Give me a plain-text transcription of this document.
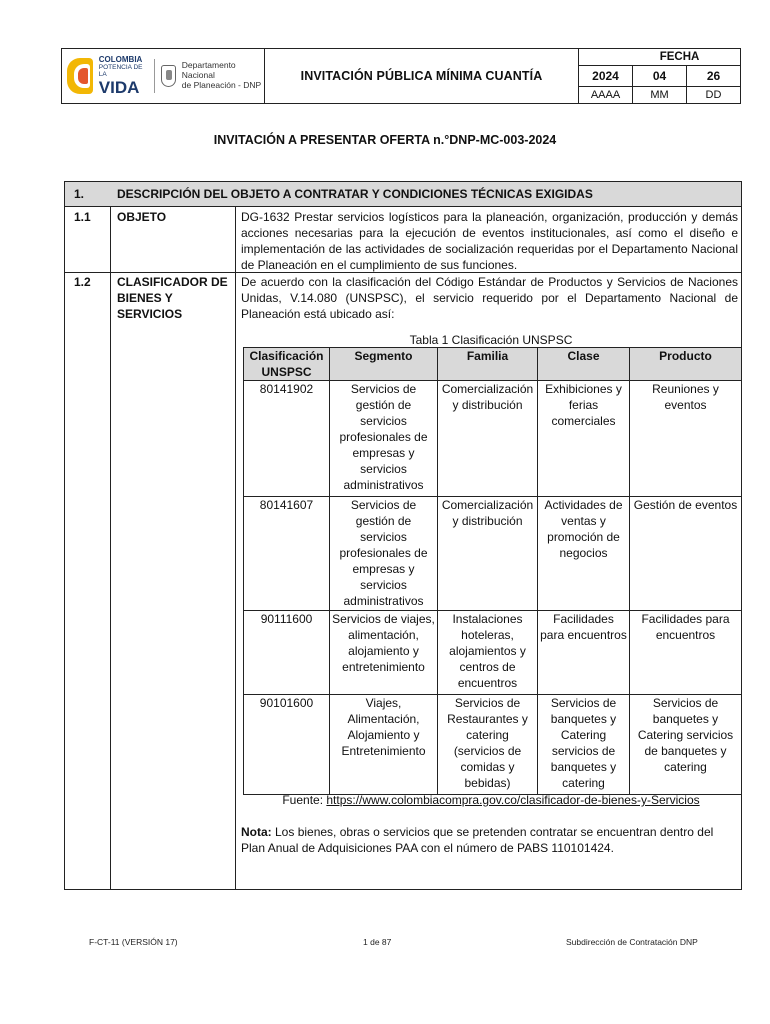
COLOMBIA
POTENCIA DE LA
VIDA
Departamento Nacional
de Planeación - DNP
INVITACIÓN PÚBLICA MÍNIMA CUANTÍA
FECHA
2024	04	26
AAAA	MM	DD
INVITACIÓN A PRESENTAR OFERTA n.°DNP-MC-003-2024
1.	DESCRIPCIÓN DEL OBJETO A CONTRATAR Y CONDICIONES TÉCNICAS EXIGIDAS
1.1 OBJETO	DG-1632 Prestar servicios logísticos para la planeación, organización, producción y demás acciones necesarias para la ejecución de eventos institucionales, así como el diseño e implementación de las actividades de socialización requeridas por el Departamento Nacional de Planeación en el cumplimiento de sus funciones.

1.2 CLASIFICADOR DE BIENES Y SERVICIOS

De acuerdo con la clasificación del Código Estándar de Productos y Servicios de Naciones Unidas, V.14.080 (UNSPSC), el servicio requerido por el Departamento Nacional de Planeación está ubicado así:

Tabla 1 Clasificación UNSPSC
Clasificación UNSPSC	Segmento	Familia	Clase	Producto
80141902	Servicios de gestión de servicios profesionales de empresas y servicios administrativos	Comercialización y distribución	Exhibiciones y ferias comerciales	Reuniones y eventos
80141607	Servicios de gestión de servicios profesionales de empresas y servicios administrativos	Comercialización y distribución	Actividades de ventas y promoción de negocios	Gestión de eventos
90111600	Servicios de viajes, alimentación, alojamiento y entretenimiento	Instalaciones hoteleras, alojamientos y centros de encuentros	Facilidades para encuentros	Facilidades para encuentros
90101600	Viajes, Alimentación, Alojamiento y Entretenimiento	Servicios de Restaurantes y catering (servicios de comidas y bebidas)	Servicios de banquetes y Catering servicios de banquetes y catering	Servicios de banquetes y Catering servicios de banquetes y catering
Fuente: https://www.colombiacompra.gov.co/clasificador-de-bienes-y-Servicios

Nota: Los bienes, obras o servicios que se pretenden contratar se encuentran dentro del Plan Anual de Adquisiciones PAA con el número de PABS 110101424.

F-CT-11 (VERSIÓN 17)	1 de 87	Subdirección de Contratación DNP
